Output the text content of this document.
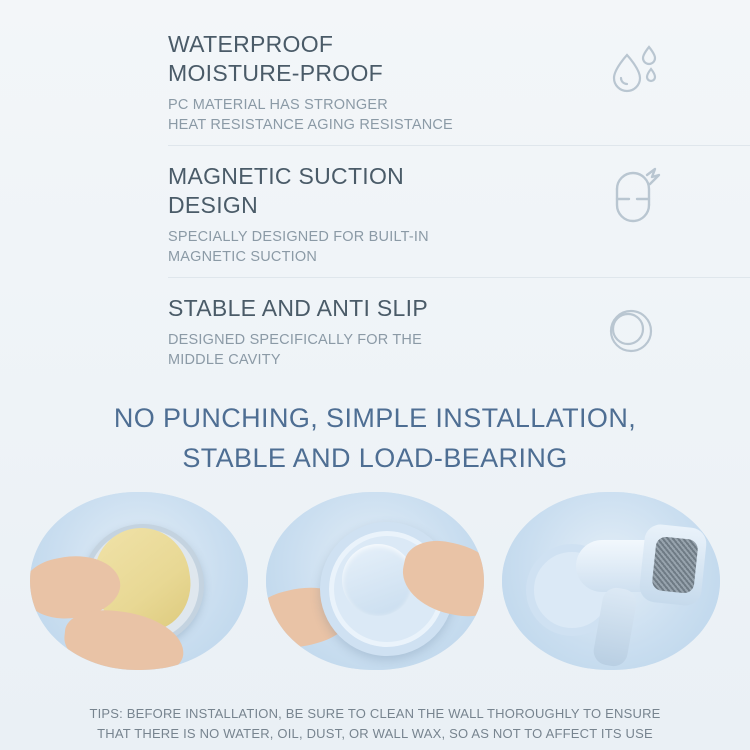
WATERPROOF MOISTURE-PROOF
PC MATERIAL HAS STRONGER
HEAT RESISTANCE AGING RESISTANCE
MAGNETIC SUCTION DESIGN
SPECIALLY DESIGNED FOR BUILT-IN
MAGNETIC SUCTION
STABLE AND ANTI SLIP
DESIGNED SPECIFICALLY FOR THE
MIDDLE CAVITY
NO PUNCHING, SIMPLE INSTALLATION,
STABLE AND LOAD-BEARING
TIPS: BEFORE INSTALLATION, BE SURE TO CLEAN THE WALL THOROUGHLY TO ENSURE
THAT THERE IS NO WATER, OIL, DUST, OR WALL WAX, SO AS NOT TO AFFECT ITS USE
